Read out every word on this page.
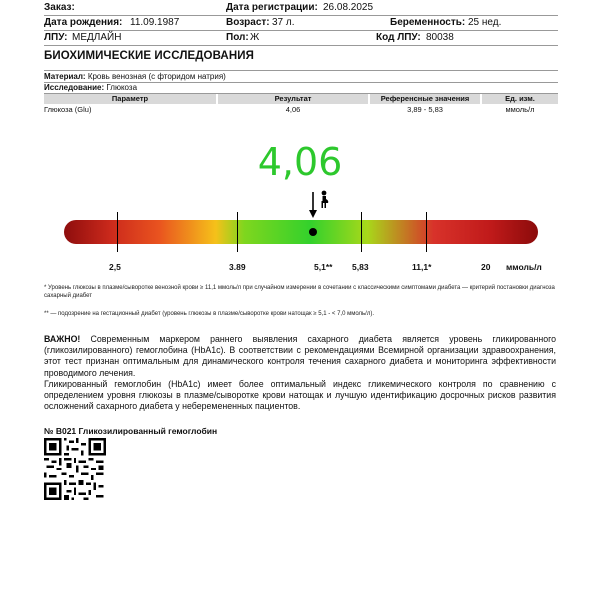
Заказ:	Дата регистрации: 26.08.2025
Дата рождения: 11.09.1987	Возраст: 37 л.	Беременность: 25 нед.
ЛПУ: МЕДЛАЙН	Пол: Ж	Код ЛПУ: 80038
БИОХИМИЧЕСКИЕ ИССЛЕДОВАНИЯ
Материал: Кровь венозная (с фторидом натрия)
Исследование: Глюкоза
Параметр	Результат	Референсные значения	Ед. изм.
Глюкоза (Glu)	4,06	3,89 - 5,83	ммоль/л
4,06
2,5	3.89	5,1** 5,83	11,1*	20 ммоль/л
* Уровень глюкозы в плазме/сыворотке венозной крови ≥ 11,1 ммоль/л при случайном измерении в сочетании с классическими симптомами диабета — критерий постановки диагноза сахарный диабет
** — подозрение на гестационный диабет (уровень глюкозы в плазме/сыворотке крови натощак ≥ 5,1 - < 7,0 ммоль/л).
ВАЖНО! Современным маркером раннего выявления сахарного диабета является уровень гликированного (гликозилированного) гемоглобина (HbA1c). В соответствии с рекомендациями Всемирной организации здравоохранения, этот тест признан оптимальным для динамического контроля течения сахарного диабета и мониторинга эффективности проводимого лечения.
Гликированный гемоглобин (HbA1c) имеет более оптимальный индекс гликемического контроля по сравнению с определением уровня глюкозы в плазме/сыворотке крови натощак и лучшую идентификацию досрочных рисков развития осложнений сахарного диабета у неберемененных пациентов.
№ B021 Гликозилированный гемоглобин
